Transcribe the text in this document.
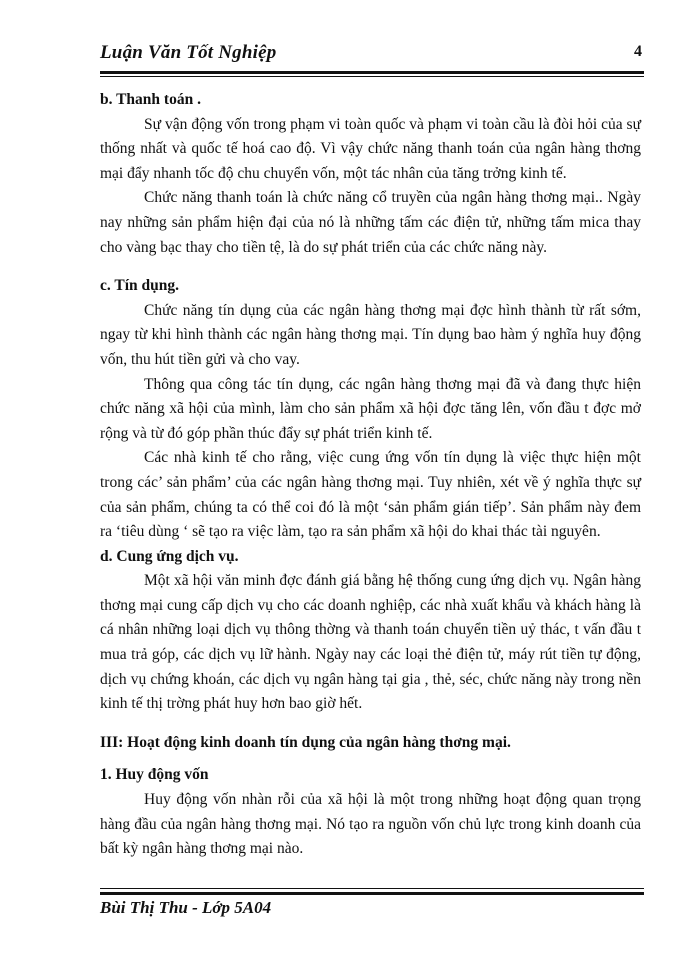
Luận Văn Tốt Nghiệp	4

b. Thanh toán .

Sự vận động vốn trong phạm vi toàn quốc và phạm vi toàn cầu là đòi hỏi của sự thống nhất và quốc tế hoá cao độ. Vì vậy chức năng thanh toán của ngân hàng thơng mại đẩy nhanh tốc độ chu chuyển vốn, một tác nhân của tăng trởng kinh tế.

Chức năng thanh toán là chức năng cổ truyền của ngân hàng thơng mại.. Ngày nay những sản phẩm hiện đại của nó là những tấm các điện tử, những tấm mica thay cho vàng bạc thay cho tiền tệ, là do sự phát triển của các chức năng này.

c. Tín dụng.

Chức năng tín dụng của các ngân hàng thơng mại đợc hình thành từ rất sớm, ngay từ khi hình thành các ngân hàng thơng mại. Tín dụng bao hàm ý nghĩa huy động vốn, thu hút tiền gửi và cho vay.

Thông qua công tác tín dụng, các ngân hàng thơng mại đã và đang thực hiện chức năng xã hội của mình, làm cho sản phẩm xã hội đợc tăng lên, vốn đầu t đợc mở rộng và từ đó góp phần thúc đẩy sự phát triển kinh tế.

Các nhà kinh tế cho rằng, việc cung ứng vốn tín dụng là việc thực hiện một trong các’ sản phẩm’ của các ngân hàng thơng mại. Tuy nhiên, xét về ý nghĩa thực sự của sản phẩm, chúng ta có thể coi đó là một ‘sản phẩm gián tiếp’. Sản phẩm này đem ra ‘tiêu dùng ‘ sẽ tạo ra việc làm, tạo ra sản phẩm xã hội do khai thác tài nguyên.

d. Cung ứng dịch vụ.

Một xã hội văn minh đợc đánh giá bằng hệ thống cung ứng dịch vụ. Ngân hàng thơng mại cung cấp dịch vụ cho các doanh nghiệp, các nhà xuất khẩu và khách hàng là cá nhân những loại dịch vụ thông thờng và thanh toán chuyển tiền uỷ thác, t vấn đầu t mua trả góp, các dịch vụ lữ hành. Ngày nay các loại thẻ điện tử, máy rút tiền tự động, dịch vụ chứng khoán, các dịch vụ ngân hàng tại gia , thẻ, séc, chức năng này trong nền kinh tế thị trờng phát huy hơn bao giờ hết.

III: Hoạt động kinh doanh tín dụng của ngân hàng thơng mại.

1. Huy động vốn

Huy động vốn nhàn rỗi của xã hội là một trong những hoạt động quan trọng hàng đầu của ngân hàng thơng mại. Nó tạo ra nguồn vốn chủ lực trong kinh doanh của bất kỳ ngân hàng thơng mại nào.

Bùi Thị Thu - Lớp 5A04
